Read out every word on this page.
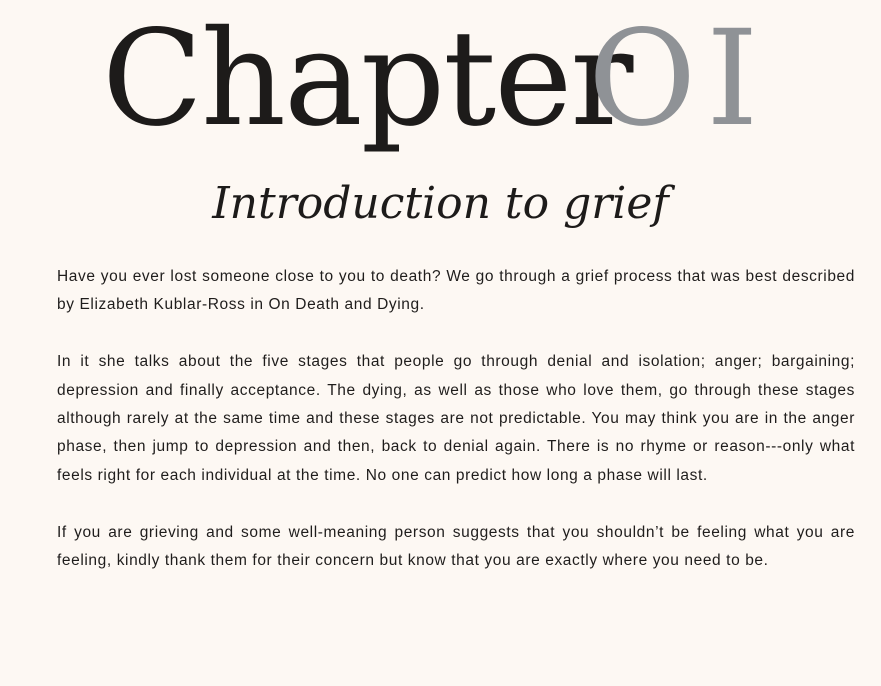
Chapter
OI
Introduction to grief

Have you ever lost someone close to you to death? We go through a grief process that was best described by Elizabeth Kublar-Ross in On Death and Dying.

In it she talks about the five stages that people go through denial and isolation; anger; bargaining; depression and finally acceptance. The dying, as well as those who love them, go through these stages although rarely at the same time and these stages are not predictable. You may think you are in the anger phase, then jump to depression and then, back to denial again. There is no rhyme or reason---only what feels right for each individual at the time. No one can predict how long a phase will last.

If you are grieving and some well-meaning person suggests that you shouldn’t be feeling what you are feeling, kindly thank them for their concern but know that you are exactly where you need to be.
